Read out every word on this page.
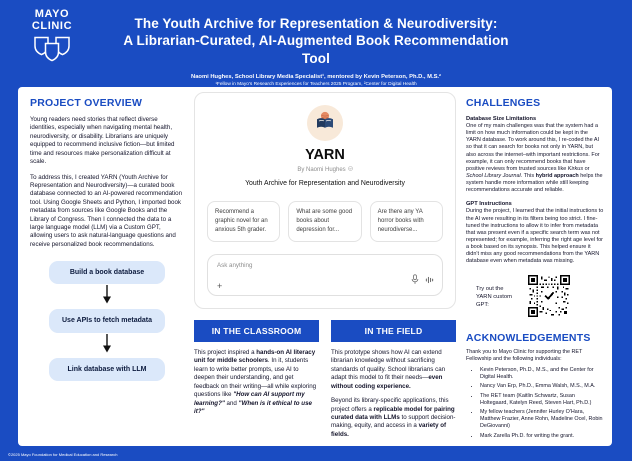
MAYO
CLINIC	The Youth Archive for Representation & Neurodiversity:
A Librarian-Curated, AI-Augmented Book Recommendation Tool
Naomi Hughes, School Library Media Specialist¹, mentored by Kevin Peterson, Ph.D., M.S.²
¹Fellow in Mayo's Research Experiences for Teachers 2025 Program, ²Center for Digital Health
PROJECT OVERVIEW

Young readers need stories that reflect diverse identities, especially when navigating mental health, neurodiversity, or disability. Librarians are uniquely equipped to recommend inclusive fiction—but limited time and resources make personalization difficult at scale.

To address this, I created YARN (Youth Archive for Representation and Neurodiversity)—a curated book database connected to an AI-powered recommendation tool. Using Google Sheets and Python, I imported book metadata from sources like Google Books and the Library of Congress. Then I connected the data to a large language model (LLM) via a Custom GPT, allowing users to ask natural-language questions and receive personalized book recommendations.

Build a book database
Use APIs to fetch metadata
Link database with LLM
YARN
By Naomi Hughes
Youth Archive for Representation and Neurodiversity
Recommend a graphic novel for an anxious 5th grader.
What are some good books about depression for...
Are there any YA horror books with neurodiverse...
Ask anything
+
IN THE CLASSROOM	IN THE FIELD

This project inspired a hands-on AI literacy unit for middle schoolers. In it, students learn to write better prompts, use AI to deepen their understanding, and get feedback on their writing—all while exploring questions like "How can AI support my learning?" and "When is it ethical to use it?"

This prototype shows how AI can extend librarian knowledge without sacrificing standards of quality. School librarians can adapt this model to fit their needs—even without coding experience.

Beyond its library-specific applications, this project offers a replicable model for pairing curated data with LLMs to support decision-making, equity, and access in a variety of fields.

CHALLENGES
Database Size Limitations
One of my main challenges was that the system had a limit on how much information could be kept in the YARN database. To work around this, I re-coded the AI so that it can search for books not only in YARN, but also across the internet–with important restrictions. For example, it can only recommend books that have positive reviews from trusted sources like Kirkus or School Library Journal. This hybrid approach helps the system handle more information while still keeping recommendations accurate and reliable.
GPT Instructions
During the project, I learned that the initial instructions to the AI were resulting in its filters being too strict. I fine-tuned the instructions to allow it to infer from metadata that was present even if a specific search term was not represented; for example, inferring the right age level for a book based on its synopsis. This helped ensure it didn't miss any good recommendations from the YARN database even when metadata was missing.
Try out the YARN custom GPT:
ACKNOWLEDGEMENTS

Thank you to Mayo Clinic for supporting the RET Fellowship and the following individuals:

• Kevin Peterson, Ph.D., M.S., and the Center for Digital Health.
• Nancy Van Erp, Ph.D., Emma Walsh, M.S., M.A.
• The RET team (Kaitlin Schwartz, Susan Holtegaard, Katelyn Reed, Steven Hart, Ph.D.)
• My fellow teachers (Jennifer Hurley O'Hara, Matthew Frazier, Anne Rohn, Madeline Ocel, Robin DeGiovanni)
• Mark Zarella Ph.D. for writing the grant.
©2025 Mayo Foundation for Medical Education and Research
